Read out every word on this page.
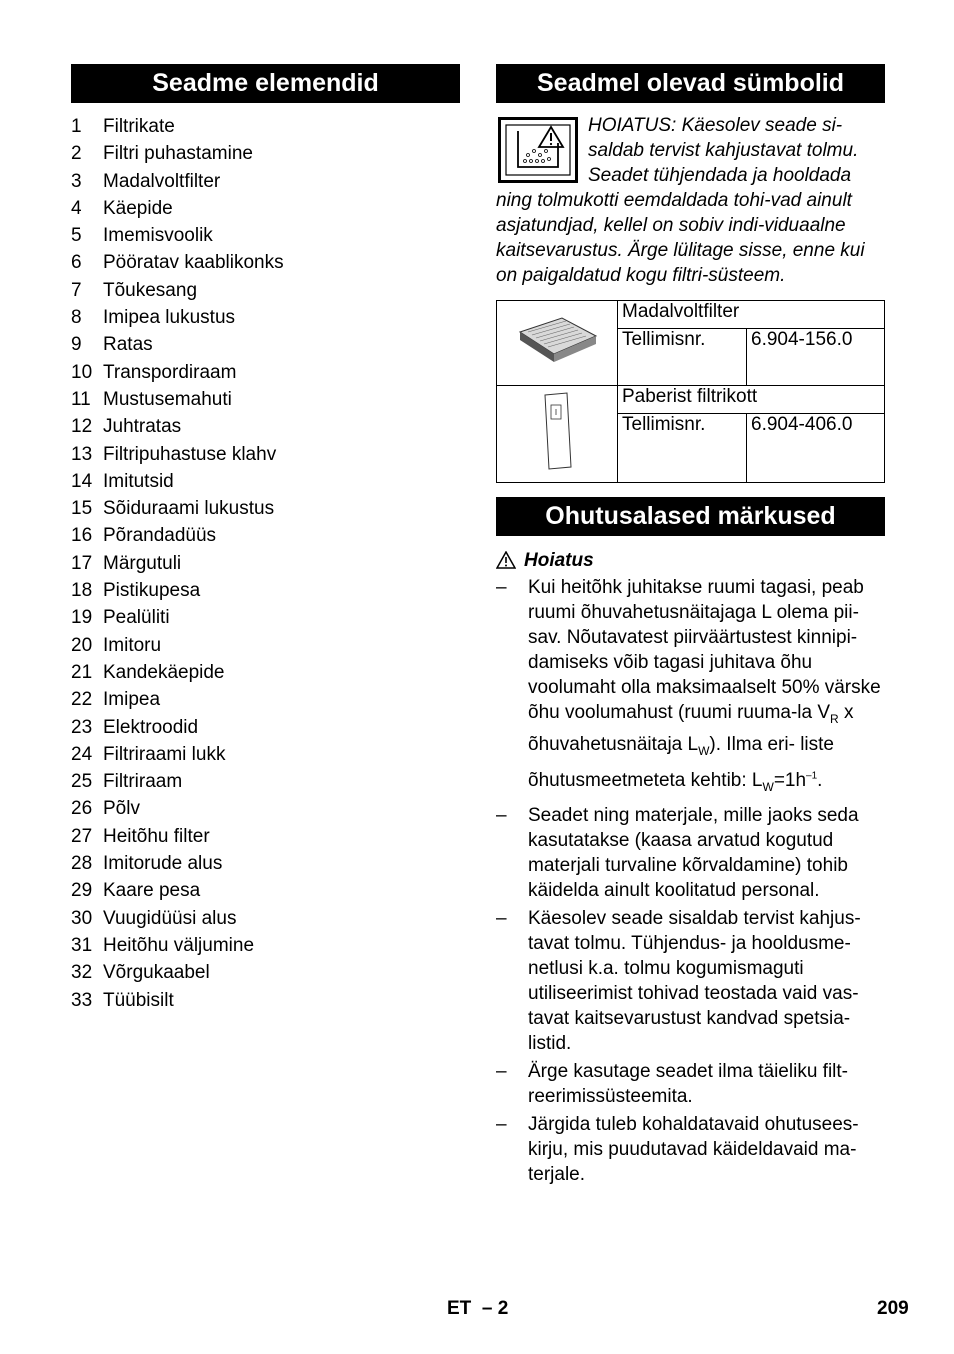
Seadme elemendid
1 Filtrikate
2 Filtri puhastamine
3 Madalvoltfilter
4 Käepide
5 Imemisvoolik
6 Pööratav kaablikonks
7 Tõukesang
8 Imipea lukustus
9 Ratas
10 Transpordiraam
11 Mustusemahuti
12 Juhtratas
13 Filtripuhastuse klahv
14 Imitutsid
15 Sõiduraami lukustus
16 Põrandadüüs
17 Märgutuli
18 Pistikupesa
19 Pealüliti
20 Imitoru
21 Kandekäepide
22 Imipea
23 Elektroodid
24 Filtriraami lukk
25 Filtriraam
26 Põlv
27 Heitõhu filter
28 Imitorude alus
29 Kaare pesa
30 Vuugidüüsi alus
31 Heitõhu väljumine
32 Võrgukaabel
33 Tüübisilt
Seadmel olevad sümbolid

HOIATUS: Käesolev seade si-saldab tervist kahjustavat tolmu. Seadet tühjendada ja hooldada ning tolmukotti eemdaldada tohi-vad ainult asjatundjad, kellel on sobiv indi-viduaalne kaitsevarustus. Ärge lülitage sisse, enne kui on paigaldatud kogu filtri-süsteem.

	Madalvoltfilter	
	Tellimisnr.	6.904-156.0
	Paberist filtrikott	
	Tellimisnr.	6.904-406.0
Ohutusalased märkused
Hoiatus
– Kui heitõhk juhitakse ruumi tagasi, peab ruumi õhuvahetusnäitajaga L olema pii-sav. Nõutavatest piirväärtustest kinnipi-damiseks võib tagasi juhitava õhu voolumaht olla maksimaalselt 50% värske õhu voolumahust (ruumi ruuma-la $V_R$ x õhuvahetusnäitaja $L_W$). Ilma eri- liste õhutusmeetmeteta kehtib: $L_W=1h^{-1}$.
– Seadet ning materjale, mille jaoks seda kasutatakse (kaasa arvatud kogutud materjali turvaline kõrvaldamine) tohib käidelda ainult koolitatud personal.
– Käesolev seade sisaldab tervist kahjus-tavat tolmu. Tühjendus- ja hooldusme-netlusi k.a. tolmu kogumismaguti utiliseerimist tohivad teostada vaid vas-tavat kaitsevarustust kandvad spetsia-listid.
– Ärge kasutage seadet ilma täieliku filt-reerimissüsteemita.
– Järgida tuleb kohaldatavaid ohutusees-kirju, mis puudutavad käideldavaid ma-terjale.
ET – 2	209
